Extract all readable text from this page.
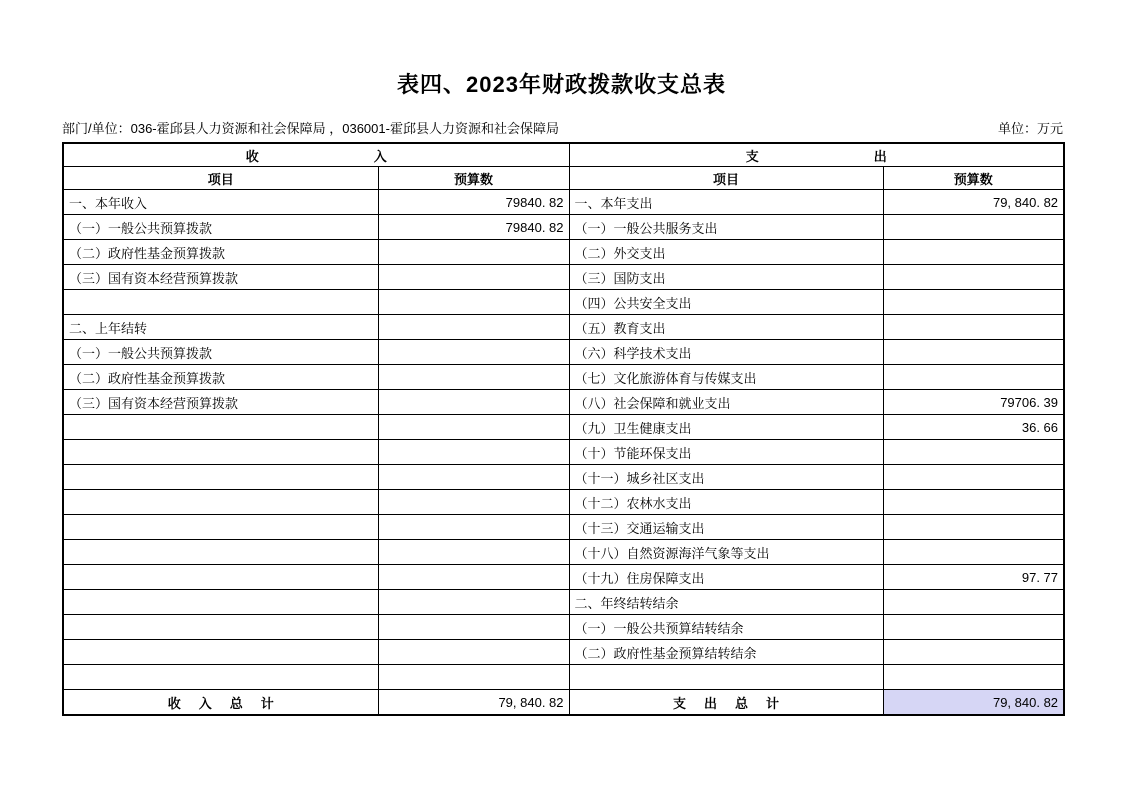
表四、2023年财政拨款收支总表
部门/单位：036-霍邱县人力资源和社会保障局 ，036001-霍邱县人力资源和社会保障局	单位：万元
收入		支出	
项目	预算数	项目	预算数
一、本年收入	79840. 82	一、本年支出	79, 840. 82
（一）一般公共预算拨款	79840. 82	（一）一般公共服务支出	
（二）政府性基金预算拨款		（二）外交支出	
（三）国有资本经营预算拨款		（三）国防支出	
		（四）公共安全支出	
二、上年结转		（五）教育支出	
（一）一般公共预算拨款		（六）科学技术支出	
（二）政府性基金预算拨款		（七）文化旅游体育与传媒支出	
（三）国有资本经营预算拨款		（八）社会保障和就业支出	79706. 39
		（九）卫生健康支出	36. 66
		（十）节能环保支出	
		（十一）城乡社区支出	
		（十二）农林水支出	
		（十三）交通运输支出	
		（十八）自然资源海洋气象等支出	
		（十九）住房保障支出	97. 77
		二、年终结转结余	
		（一）一般公共预算结转结余	
		（二）政府性基金预算结转结余	

收入总计	79, 840. 82	支出总计	79, 840. 82
